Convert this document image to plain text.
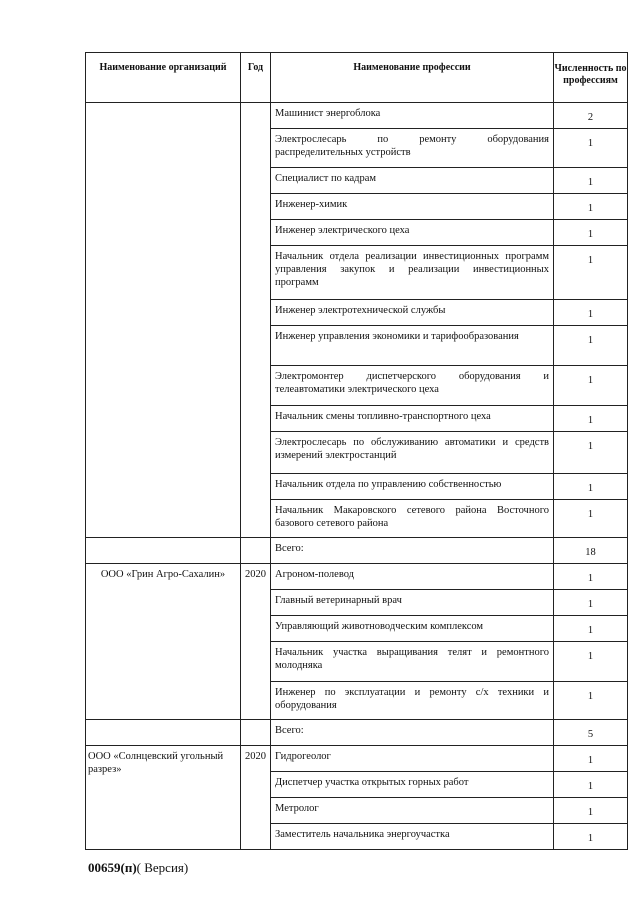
Наименование организаций	Год	Наименование профессии	Численность по профессиям
		Машинист энергоблока	2
		Электрослесарь по ремонту оборудования распределительных устройств	1
		Специалист по кадрам	1
		Инженер-химик	1
		Инженер электрического цеха	1
		Начальник отдела реализации инвестиционных программ управления закупок и реализации инвестиционных программ	1
		Инженер электротехнической службы	1
		Инженер управления экономики и тарифообразования	1
		Электромонтер диспетчерского оборудования и телеавтоматики электрического цеха	1
		Начальник смены топливно-транспортного цеха	1
		Электрослесарь по обслуживанию автоматики и средств измерений электростанций	1
		Начальник отдела по управлению собственностью	1
		Начальник Макаровского сетевого района Восточного базового сетевого района	1
		Всего:	18
ООО «Грин Агро-Сахалин»	2020	Агроном-полевод	1
		Главный ветеринарный врач	1
		Управляющий животноводческим комплексом	1
		Начальник участка выращивания телят и ремонтного молодняка	1
		Инженер по эксплуатации и ремонту с/х техники и оборудования	1
		Всего:	5
ООО «Солнцевский угольный разрез»	2020	Гидрогеолог	1
		Диспетчер участка открытых горных работ	1
		Метролог	1
		Заместитель начальника энергоучастка	1
00659(п)( Версия)
